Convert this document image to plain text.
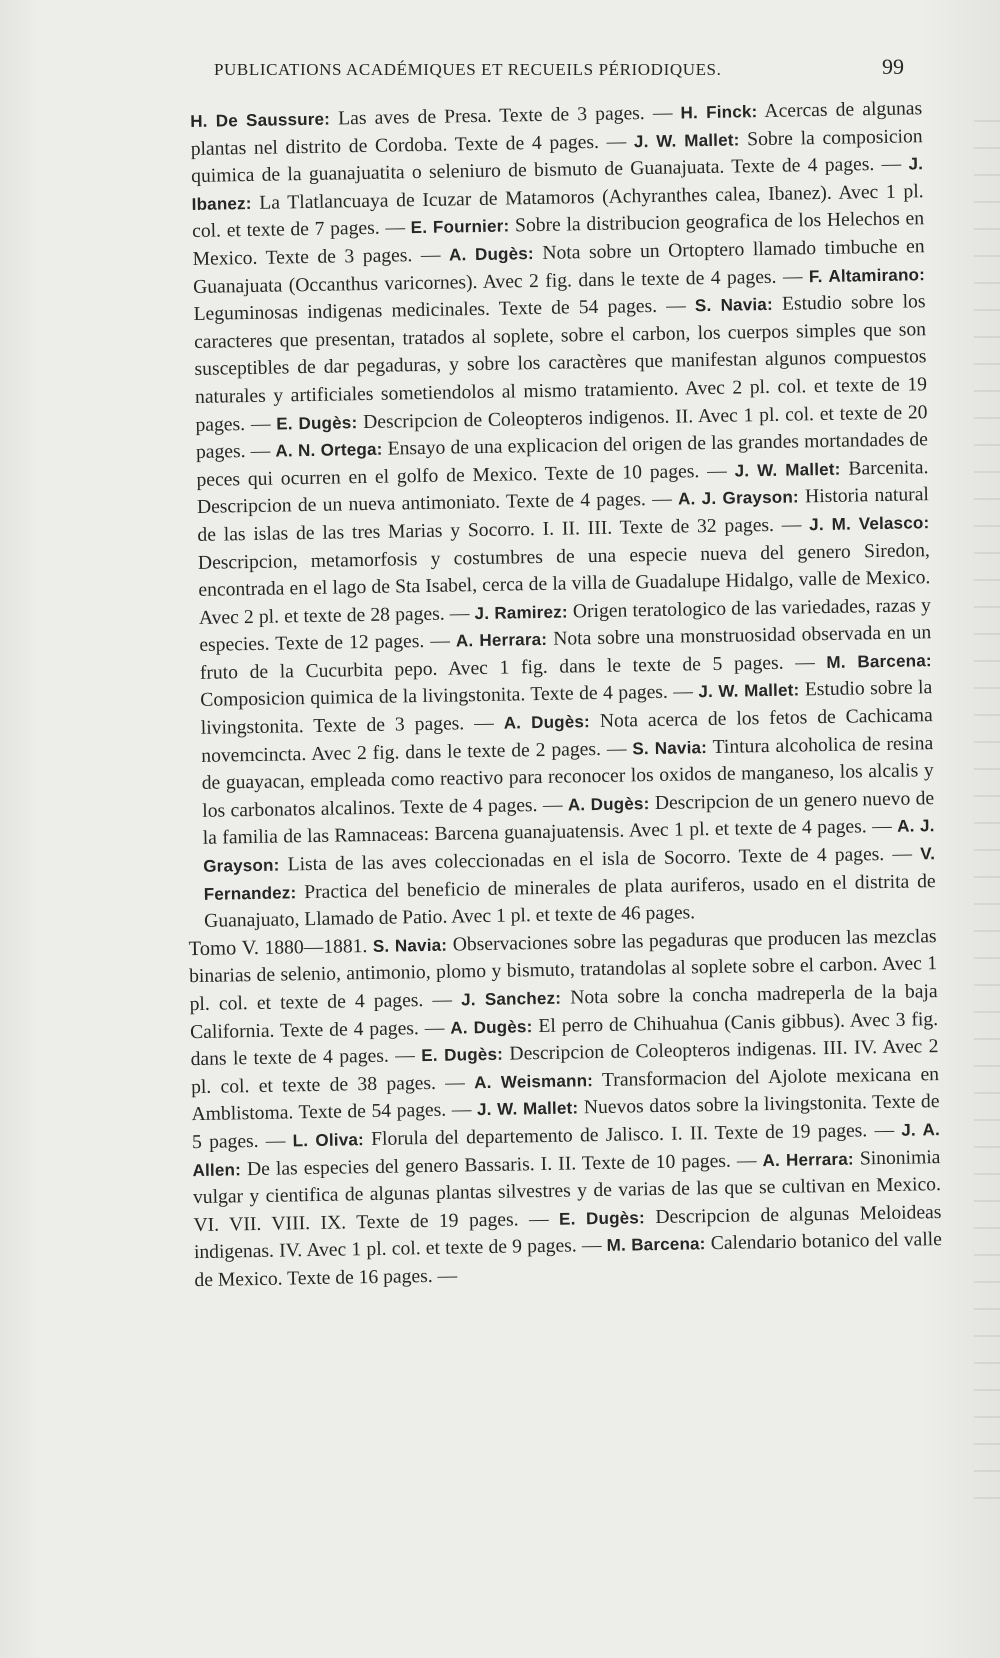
PUBLICATIONS ACADÉMIQUES ET RECUEILS PÉRIODIQUES.	99

H. De Saussure: Las aves de Presa. Texte de 3 pages. — H. Finck: Acercas de algunas plantas nel distrito de Cordoba. Texte de 4 pages. — J. W. Mallet: Sobre la composicion quimica de la guanajuatita o seleniuro de bismuto de Guanajuata. Texte de 4 pages. — J. Ibanez: La Tlatlancuaya de Icuzar de Matamoros (Achyranthes calea, Ibanez). Avec 1 pl. col. et texte de 7 pages. — E. Fournier: Sobre la distribucion geografica de los Helechos en Mexico. Texte de 3 pages. — A. Dugès: Nota sobre un Ortoptero llamado timbuche en Guanajuata (Occanthus varicornes). Avec 2 fig. dans le texte de 4 pages. — F. Altamirano: Leguminosas indigenas medicinales. Texte de 54 pages. — S. Navia: Estudio sobre los caracteres que presentan, tratados al soplete, sobre el carbon, los cuerpos simples que son susceptibles de dar pegaduras, y sobre los caractères que manifestan algunos compuestos naturales y artificiales sometiendolos al mismo tratamiento. Avec 2 pl. col. et texte de 19 pages. — E. Dugès: Descripcion de Coleopteros indigenos. II. Avec 1 pl. col. et texte de 20 pages. — A. N. Ortega: Ensayo de una explicacion del origen de las grandes mortandades de peces qui ocurren en el golfo de Mexico. Texte de 10 pages. — J. W. Mallet: Barcenita. Descripcion de un nueva antimoniato. Texte de 4 pages. — A. J. Grayson: Historia natural de las islas de las tres Marias y Socorro. I. II. III. Texte de 32 pages. — J. M. Velasco: Descripcion, metamorfosis y costumbres de una especie nueva del genero Siredon, encontrada en el lago de Sta Isabel, cerca de la villa de Guadalupe Hidalgo, valle de Mexico. Avec 2 pl. et texte de 28 pages. — J. Ramirez: Origen teratologico de las variedades, razas y especies. Texte de 12 pages. — A. Herrara: Nota sobre una monstruosidad observada en un fruto de la Cucurbita pepo. Avec 1 fig. dans le texte de 5 pages. — M. Barcena: Composicion quimica de la livingstonita. Texte de 4 pages. — J. W. Mallet: Estudio sobre la livingstonita. Texte de 3 pages. — A. Dugès: Nota acerca de los fetos de Cachicama novemcincta. Avec 2 fig. dans le texte de 2 pages. — S. Navia: Tintura alcoholica de resina de guayacan, empleada como reactivo para reconocer los oxidos de manganeso, los alcalis y los carbonatos alcalinos. Texte de 4 pages. — A. Dugès: Descripcion de un genero nuevo de la familia de las Ramnaceas: Barcena guanajuatensis. Avec 1 pl. et texte de 4 pages. — A. J. Grayson: Lista de las aves coleccionadas en el isla de Socorro. Texte de 4 pages. — V. Fernandez: Practica del beneficio de minerales de plata auriferos, usado en el distrita de Guanajuato, Llamado de Patio. Avec 1 pl. et texte de 46 pages.

Tomo V. 1880—1881. S. Navia: Observaciones sobre las pegaduras que producen las mezclas binarias de selenio, antimonio, plomo y bismuto, tratandolas al soplete sobre el carbon. Avec 1 pl. col. et texte de 4 pages. — J. Sanchez: Nota sobre la concha madreperla de la baja California. Texte de 4 pages. — A. Dugès: El perro de Chihuahua (Canis gibbus). Avec 3 fig. dans le texte de 4 pages. — E. Dugès: Descripcion de Coleopteros indigenas. III. IV. Avec 2 pl. col. et texte de 38 pages. — A. Weismann: Transformacion del Ajolote mexicana en Amblistoma. Texte de 54 pages. — J. W. Mallet: Nuevos datos sobre la livingstonita. Texte de 5 pages. — L. Oliva: Florula del departemento de Jalisco. I. II. Texte de 19 pages. — J. A. Allen: De las especies del genero Bassaris. I. II. Texte de 10 pages. — A. Herrara: Sinonimia vulgar y cientifica de algunas plantas silvestres y de varias de las que se cultivan en Mexico. VI. VII. VIII. IX. Texte de 19 pages. — E. Dugès: Descripcion de algunas Meloideas indigenas. IV. Avec 1 pl. col. et texte de 9 pages. — M. Barcena: Calendario botanico del valle de Mexico. Texte de 16 pages. —
